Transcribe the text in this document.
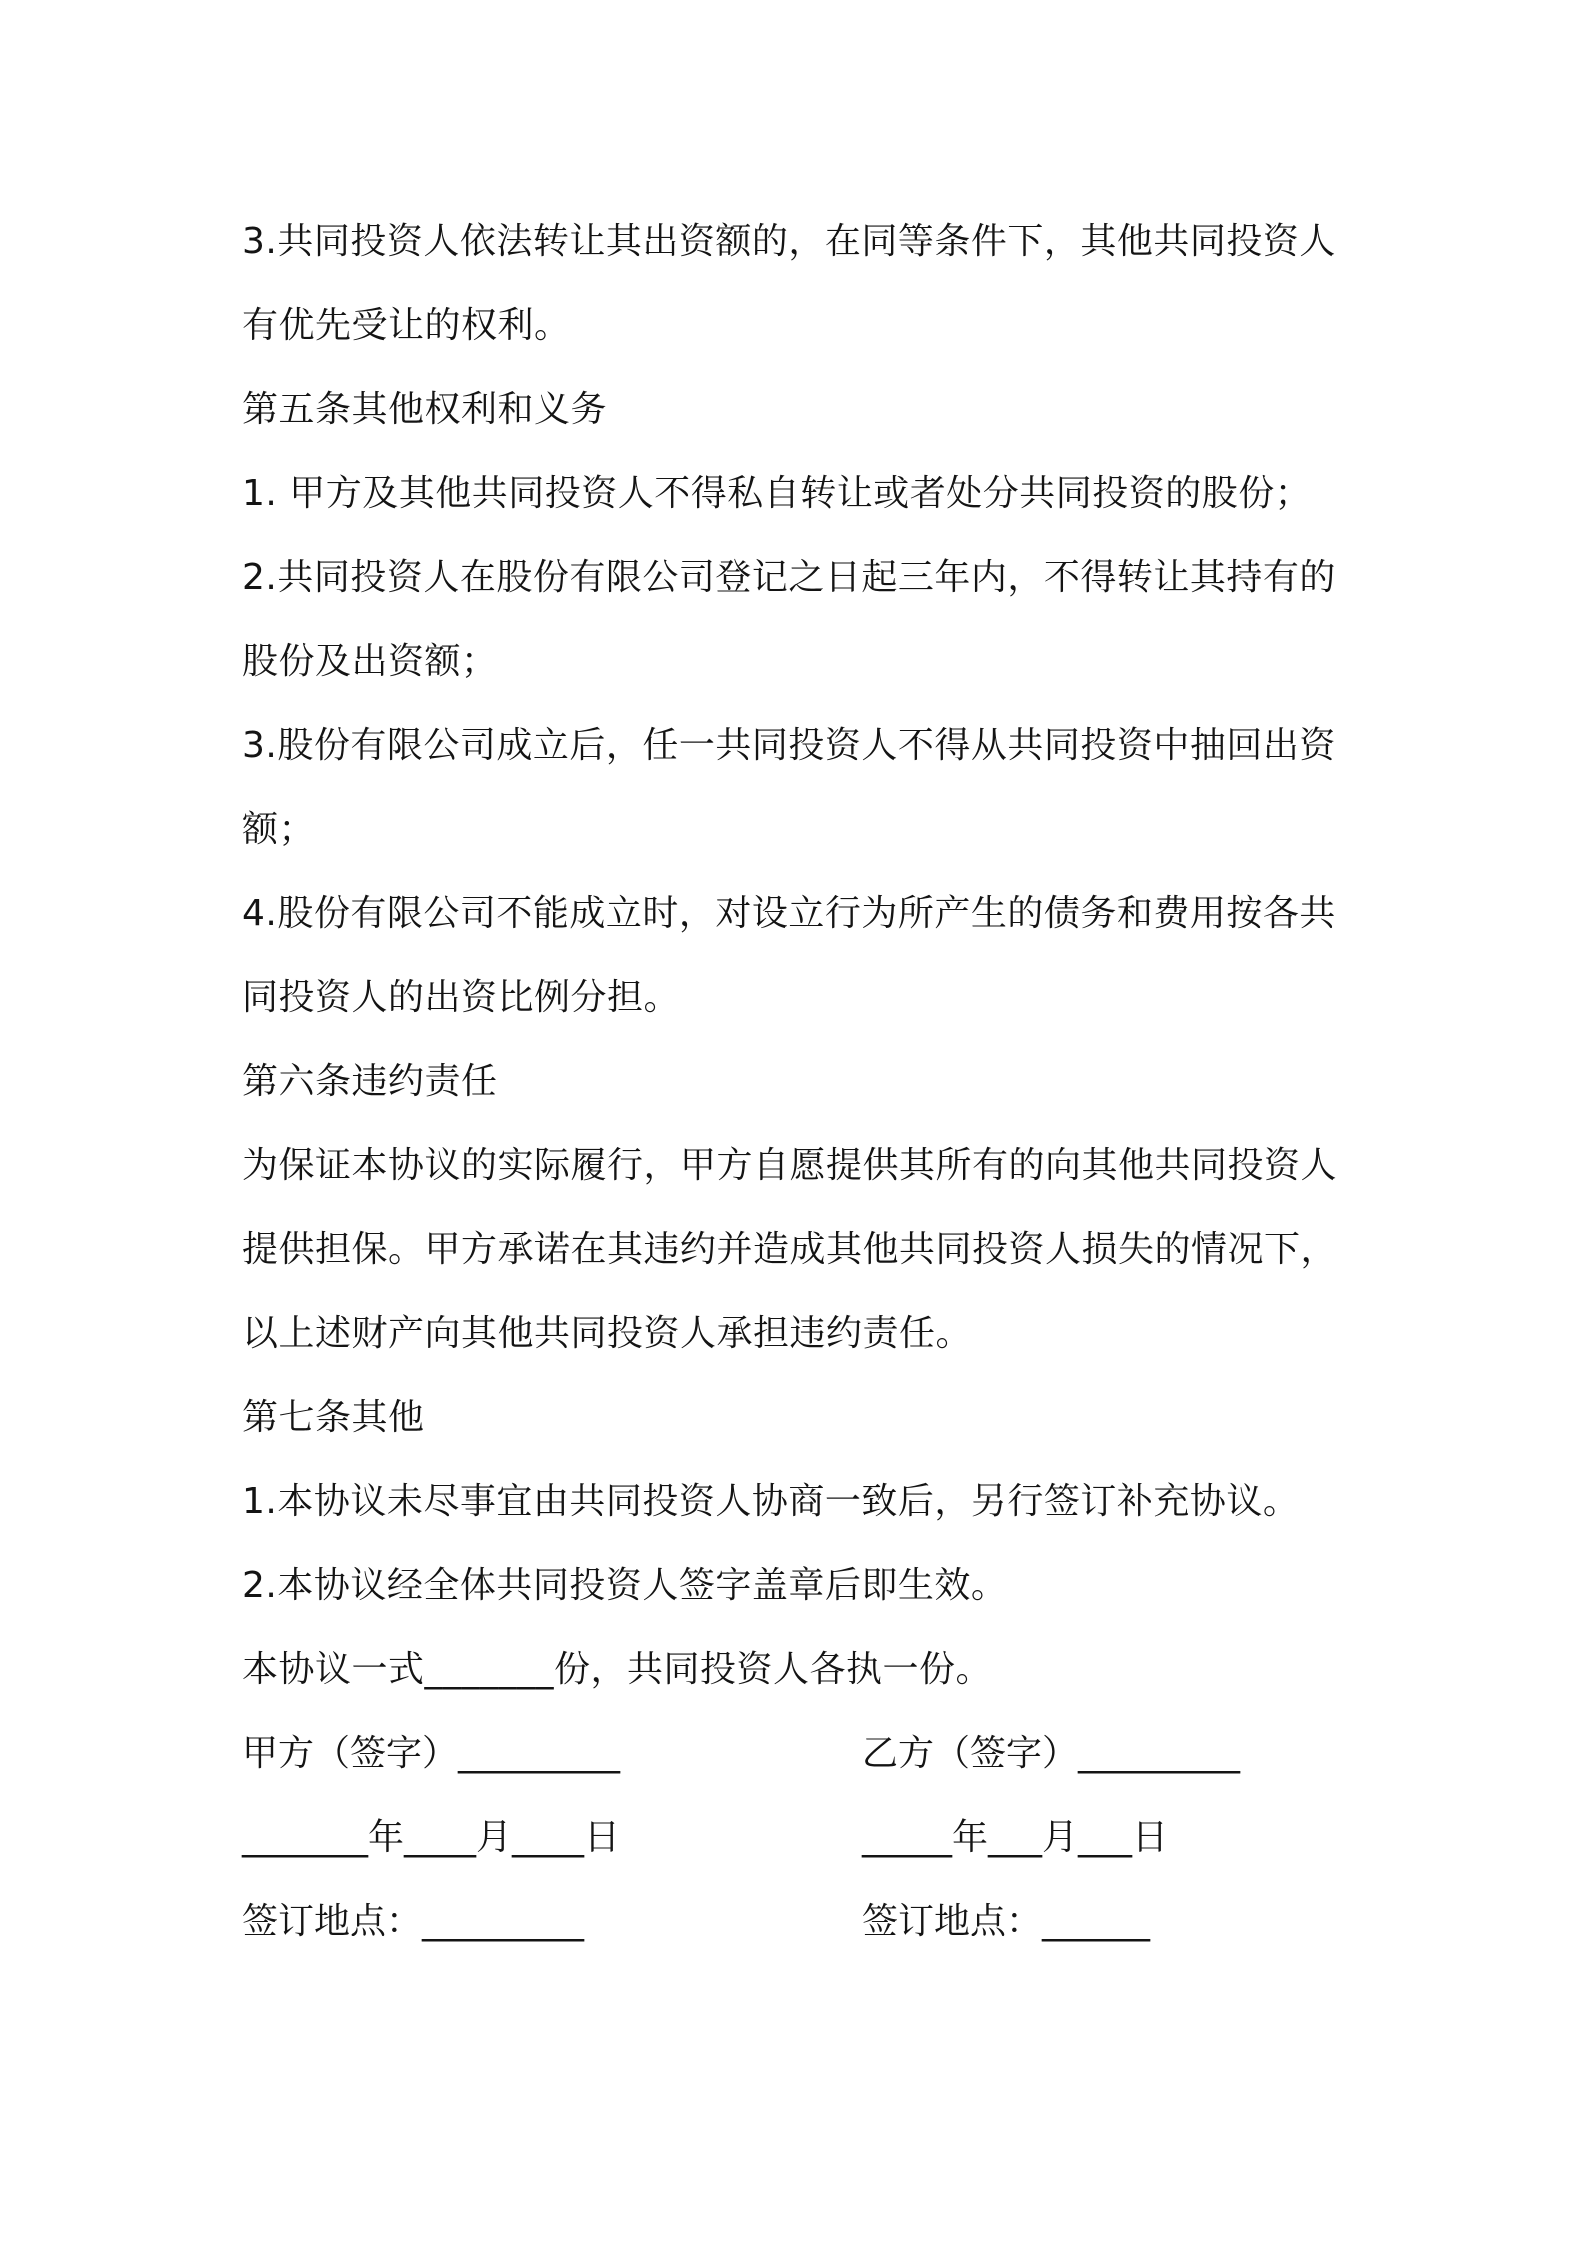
3.共同投资人依法转让其出资额的，在同等条件下，其他共同投资人
有优先受让的权利。
第五条其他权利和义务
1. 甲方及其他共同投资人不得私自转让或者处分共同投资的股份；
2.共同投资人在股份有限公司登记之日起三年内，不得转让其持有的
股份及出资额；
3.股份有限公司成立后，任一共同投资人不得从共同投资中抽回出资
额；
4.股份有限公司不能成立时，对设立行为所产生的债务和费用按各共
同投资人的出资比例分担。
第六条违约责任
为保证本协议的实际履行，甲方自愿提供其所有的向其他共同投资人
提供担保。甲方承诺在其违约并造成其他共同投资人损失的情况下，
以上述财产向其他共同投资人承担违约责任。
第七条其他
1.本协议未尽事宜由共同投资人协商一致后，另行签订补充协议。
2.本协议经全体共同投资人签字盖章后即生效。
本协议一式_______份，共同投资人各执一份。
甲方（签字）_________	乙方（签字）_________
_______年____月____日	_____年___月___日
签订地点：_________	签订地点：______
